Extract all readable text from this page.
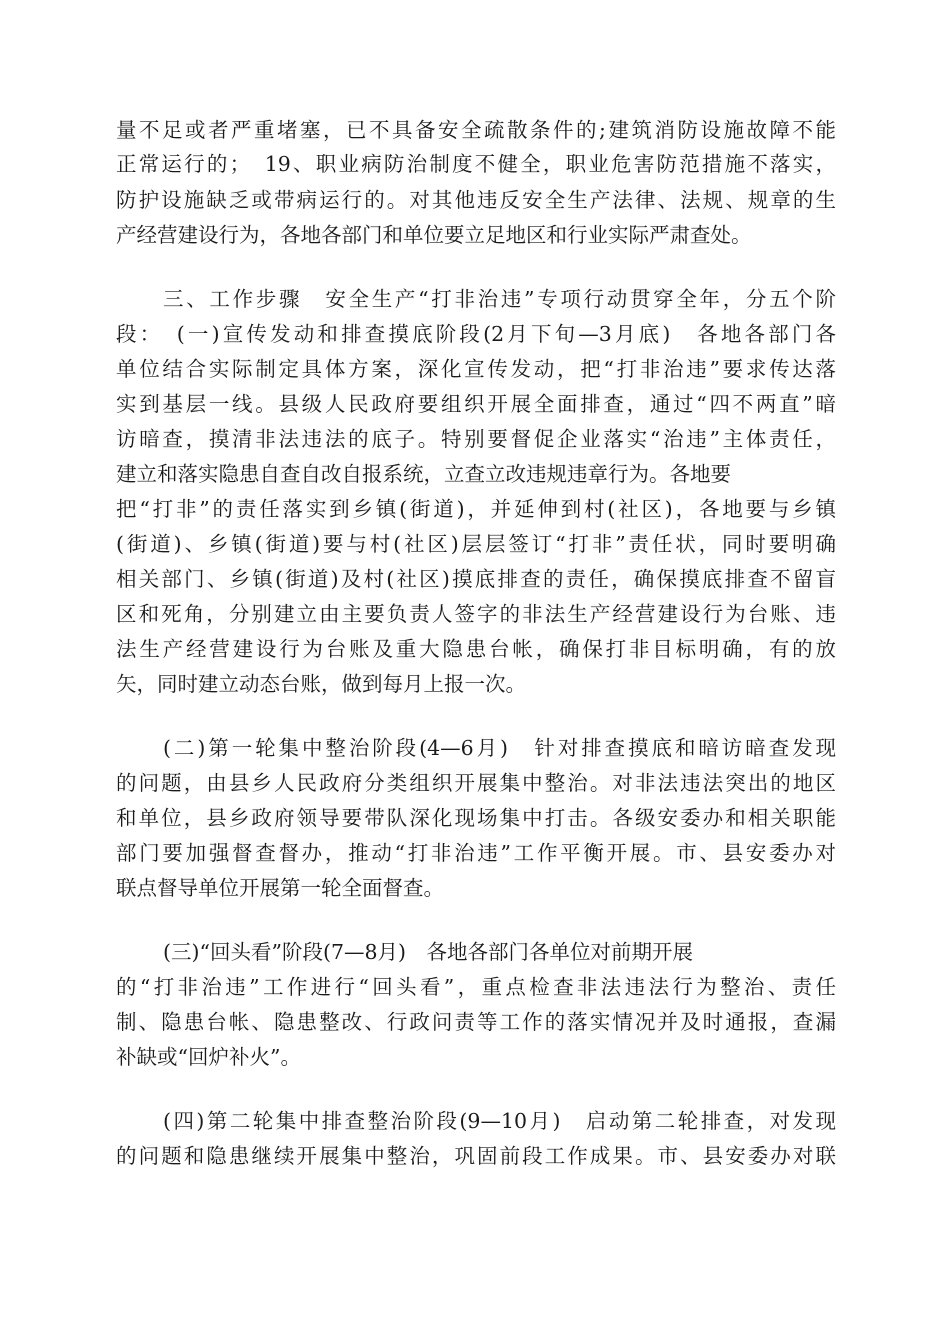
量不足或者严重堵塞，已不具备安全疏散条件的;建筑消防设施故障不能
正常运行的；　19、职业病防治制度不健全，职业危害防范措施不落实，
防护设施缺乏或带病运行的。对其他违反安全生产法律、法规、规章的生
产经营建设行为，各地各部门和单位要立足地区和行业实际严肃查处。
三、工作步骤　安全生产“打非治违”专项行动贯穿全年，分五个阶
段：　(一)宣传发动和排查摸底阶段(2月下旬—3月底)　各地各部门各
单位结合实际制定具体方案，深化宣传发动，把“打非治违”要求传达落
实到基层一线。县级人民政府要组织开展全面排查，通过“四不两直”暗
访暗查，摸清非法违法的底子。特别要督促企业落实“治违”主体责任，
建立和落实隐患自查自改自报系统，立查立改违规违章行为。各地要
把“打非”的责任落实到乡镇(街道)，并延伸到村(社区)，各地要与乡镇
(街道)、乡镇(街道)要与村(社区)层层签订“打非”责任状，同时要明确
相关部门、乡镇(街道)及村(社区)摸底排查的责任，确保摸底排查不留盲
区和死角，分别建立由主要负责人签字的非法生产经营建设行为台账、违
法生产经营建设行为台账及重大隐患台帐，确保打非目标明确，有的放
矢，同时建立动态台账，做到每月上报一次。
(二)第一轮集中整治阶段(4—6月)　针对排查摸底和暗访暗查发现
的问题，由县乡人民政府分类组织开展集中整治。对非法违法突出的地区
和单位，县乡政府领导要带队深化现场集中打击。各级安委办和相关职能
部门要加强督查督办，推动“打非治违”工作平衡开展。市、县安委办对
联点督导单位开展第一轮全面督查。
(三)“回头看”阶段(7—8月)　各地各部门各单位对前期开展
的“打非治违”工作进行“回头看”，重点检查非法违法行为整治、责任
制、隐患台帐、隐患整改、行政问责等工作的落实情况并及时通报，查漏
补缺或“回炉补火”。
(四)第二轮集中排查整治阶段(9—10月)　启动第二轮排查，对发现
的问题和隐患继续开展集中整治，巩固前段工作成果。市、县安委办对联
